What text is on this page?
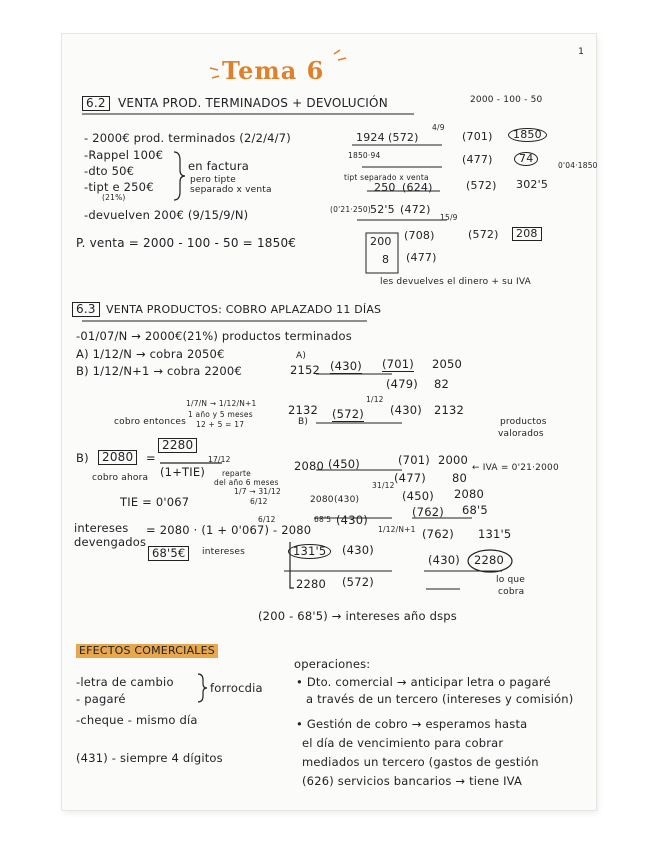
1
Tema 6
6.2	VENTA PROD. TERMINADOS + DEVOLUCIÓN	2000 - 100 - 50
- 2000€ prod. terminados (2/2/4/7)
-Rappel 100€
-dto 50€
-tipt e 250€
(21%)
-devuelven 200€ (9/15/9/N)
en factura
pero tipte
separado x venta
P. venta = 2000 - 100 - 50 = 1850€
1924 (572)
4/9
(701)	1850
1850·94	(477)	74
0'04·1850
tipt separado x venta
250 (624)	(572) 302'5
(0'21·250) 52'5 (472)
15/9
200 (708)	(572)	208
8 (477)
les devuelves el dinero + su IVA
6.3 VENTA PRODUCTOS: COBRO APLAZADO 11 DÍAS
-01/07/N → 2000€(21%) productos terminados
A) 1/12/N → cobra 2050€
B) 1/12/N+1 → cobra 2200€
cobro entonces
1/7/N → 1/12/N+1
1 año y 5 meses
12 + 5 = 17
B)	2080	=
2280
17/12
(1+TIE)
cobro ahora
TIE = 0'067
reparte
del año 6 meses
1/7 → 31/12
6/12
intereses
devengados
= 2080 · (1 + 0'067) - 2080
6/12
68'5€	intereses
A)
2152 (430) (701) 2050
(479) 82
2132
1/12
(572) (430) 2132
B)
2080 (450)	(701) 2000
productos
valorados
(477) 80
← IVA = 0'21·2000
31/12
2080 (430)	(450) 2080
68'5 (430)
(762) 68'5
1/12/N+1 (762) 131'5
131'5	(430)
(430) 2280
2280 (572)	lo que
cobra
(200 - 68'5) → intereses año dsps
EFECTOS COMERCIALES
-letra de cambio
- pagaré
forrocdia
-cheque - mismo día
(431) - siempre 4 dígitos
operaciones:
• Dto. comercial → anticipar letra o pagaré
a través de un tercero (intereses y comisión)
• Gestión de cobro → esperamos hasta
el día de vencimiento para cobrar
mediados un tercero (gastos de gestión
(626) servicios bancarios → tiene IVA
